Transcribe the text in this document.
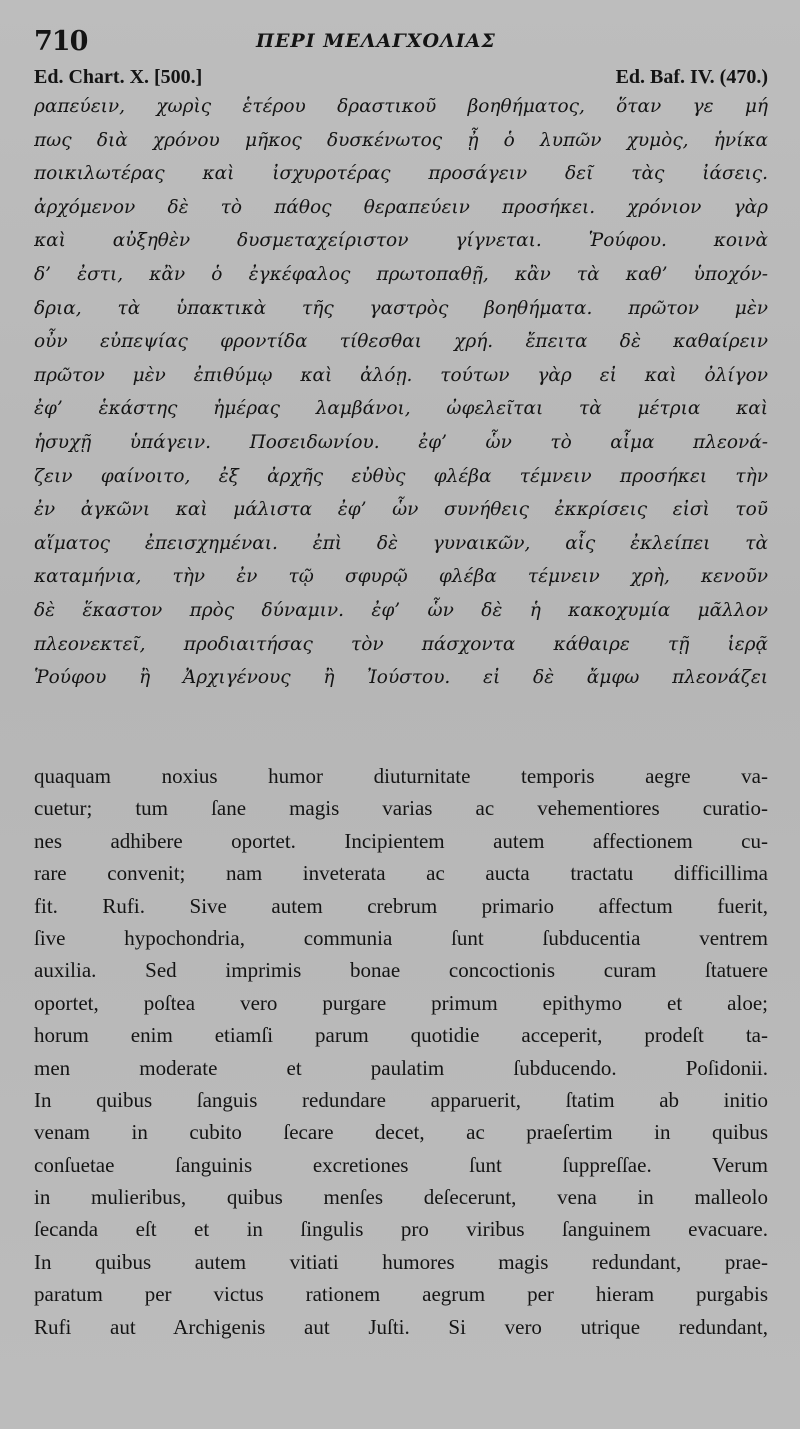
710	ΠΕΡΙ ΜΕΛΑΓΧΟΛΙΑΣ
Ed. Chart. X. [500.]	Ed. Baf. IV. (470.)
ραπεύειν, χωρὶς ἑτέρου δραστικοῦ βοηθήματος, ὅταν γε μή
πως διὰ χρόνου μῆκος δυσκένωτος ᾖ ὁ λυπῶν χυμὸς, ἡνίκα
ποικιλωτέρας καὶ ἰσχυροτέρας προσάγειν δεῖ τὰς ἰάσεις.
ἀρχόμενον δὲ τὸ πάθος θεραπεύειν προσήκει. χρόνιον γὰρ
καὶ αὐξηθὲν δυσμεταχείριστον γίγνεται. Ῥούφου. κοινὰ
δ’ ἐστι, κἂν ὁ ἐγκέφαλος πρωτοπαθῇ, κἂν τὰ καθ’ ὑποχόν-
δρια, τὰ ὑπακτικὰ τῆς γαστρὸς βοηθήματα. πρῶτον μὲν
οὖν εὐπεψίας φροντίδα τίθεσθαι χρή. ἔπειτα δὲ καθαίρειν
πρῶτον μὲν ἐπιθύμῳ καὶ ἀλόῃ. τούτων γὰρ εἰ καὶ ὀλίγον
ἐφ’ ἑκάστης ἡμέρας λαμβάνοι, ὠφελεῖται τὰ μέτρια καὶ
ἡσυχῇ ὑπάγειν. Ποσειδωνίου. ἐφ’ ὧν τὸ αἷμα πλεονά-
ζειν φαίνοιτο, ἐξ ἀρχῆς εὐθὺς φλέβα τέμνειν προσήκει τὴν
ἐν ἀγκῶνι καὶ μάλιστα ἐφ’ ὧν συνήθεις ἐκκρίσεις εἰσὶ τοῦ
αἵματος ἐπεισχημέναι. ἐπὶ δὲ γυναικῶν, αἷς ἐκλείπει τὰ
καταμήνια, τὴν ἐν τῷ σφυρῷ φλέβα τέμνειν χρὴ, κενοῦν
δὲ ἕκαστον πρὸς δύναμιν. ἐφ’ ὧν δὲ ἡ κακοχυμία μᾶλλον
πλεονεκτεῖ, προδιαιτήσας τὸν πάσχοντα κάθαιρε τῇ ἱερᾷ
Ῥούφου ἢ Ἀρχιγένους ἢ Ἰούστου. εἰ δὲ ἄμφω πλεονάζει
quaquam noxius humor diuturnitate temporis aegre va-
cuetur; tum ſane magis varias ac vehementiores curatio-
nes adhibere oportet. Incipientem autem affectionem cu-
rare convenit; nam inveterata ac aucta tractatu difficillima
fit. Rufi. Sive autem crebrum primario affectum fuerit,
ſive hypochondria, communia ſunt ſubducentia ventrem
auxilia. Sed imprimis bonae concoctionis curam ſtatuere
oportet, poſtea vero purgare primum epithymo et aloe;
horum enim etiamſi parum quotidie acceperit, prodeſt ta-
men moderate et paulatim ſubducendo. Poſidonii.
In quibus ſanguis redundare apparuerit, ſtatim ab initio
venam in cubito ſecare decet, ac praeſertim in quibus
conſuetae ſanguinis excretiones ſunt ſuppreſſae. Verum
in mulieribus, quibus menſes deſecerunt, vena in malleolo
ſecanda eſt et in ſingulis pro viribus ſanguinem evacuare.
In quibus autem vitiati humores magis redundant, prae-
paratum per victus rationem aegrum per hieram purgabis
Rufi aut Archigenis aut Juſti. Si vero utrique redundant,
